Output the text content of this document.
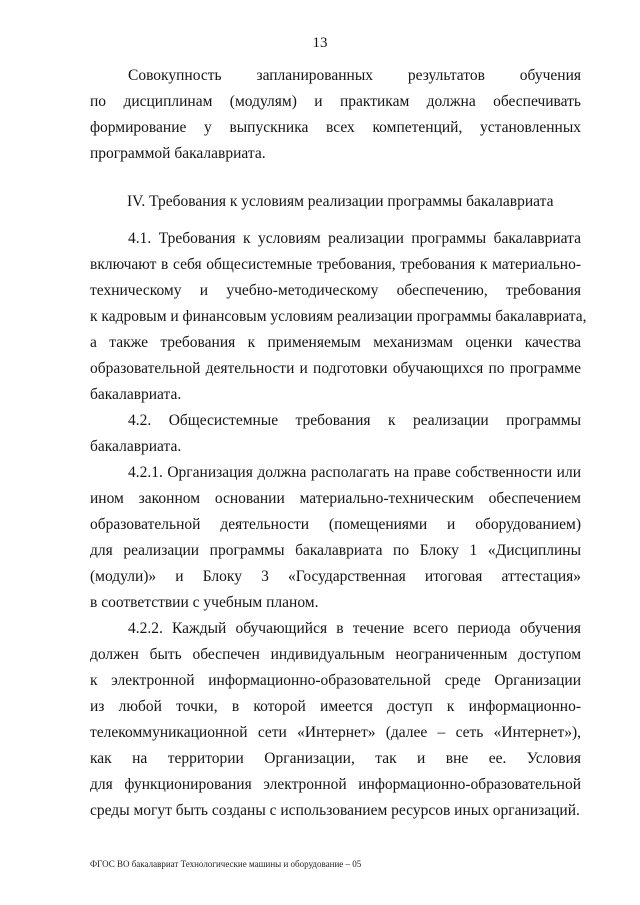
13
Совокупность запланированных результатов обучения
по дисциплинам (модулям) и практикам должна обеспечивать
формирование у выпускника всех компетенций, установленных
программой бакалавриата.
IV. Требования к условиям реализации программы бакалавриата
4.1. Требования к условиям реализации программы бакалавриата
включают в себя общесистемные требования, требования к материально-
техническому и учебно-методическому обеспечению, требования
к кадровым и финансовым условиям реализации программы бакалавриата,
а также требования к применяемым механизмам оценки качества
образовательной деятельности и подготовки обучающихся по программе
бакалавриата.
4.2. Общесистемные требования к реализации программы
бакалавриата.
4.2.1. Организация должна располагать на праве собственности или
ином законном основании материально-техническим обеспечением
образовательной деятельности (помещениями и оборудованием)
для реализации программы бакалавриата по Блоку 1 «Дисциплины
(модули)» и Блоку 3 «Государственная итоговая аттестация»
в соответствии с учебным планом.
4.2.2. Каждый обучающийся в течение всего периода обучения
должен быть обеспечен индивидуальным неограниченным доступом
к электронной информационно-образовательной среде Организации
из любой точки, в которой имеется доступ к информационно-
телекоммуникационной сети «Интернет» (далее – сеть «Интернет»),
как на территории Организации, так и вне ее. Условия
для функционирования электронной информационно-образовательной
среды могут быть созданы с использованием ресурсов иных организаций.
ФГОС ВО бакалавриат Технологические машины и оборудование – 05
